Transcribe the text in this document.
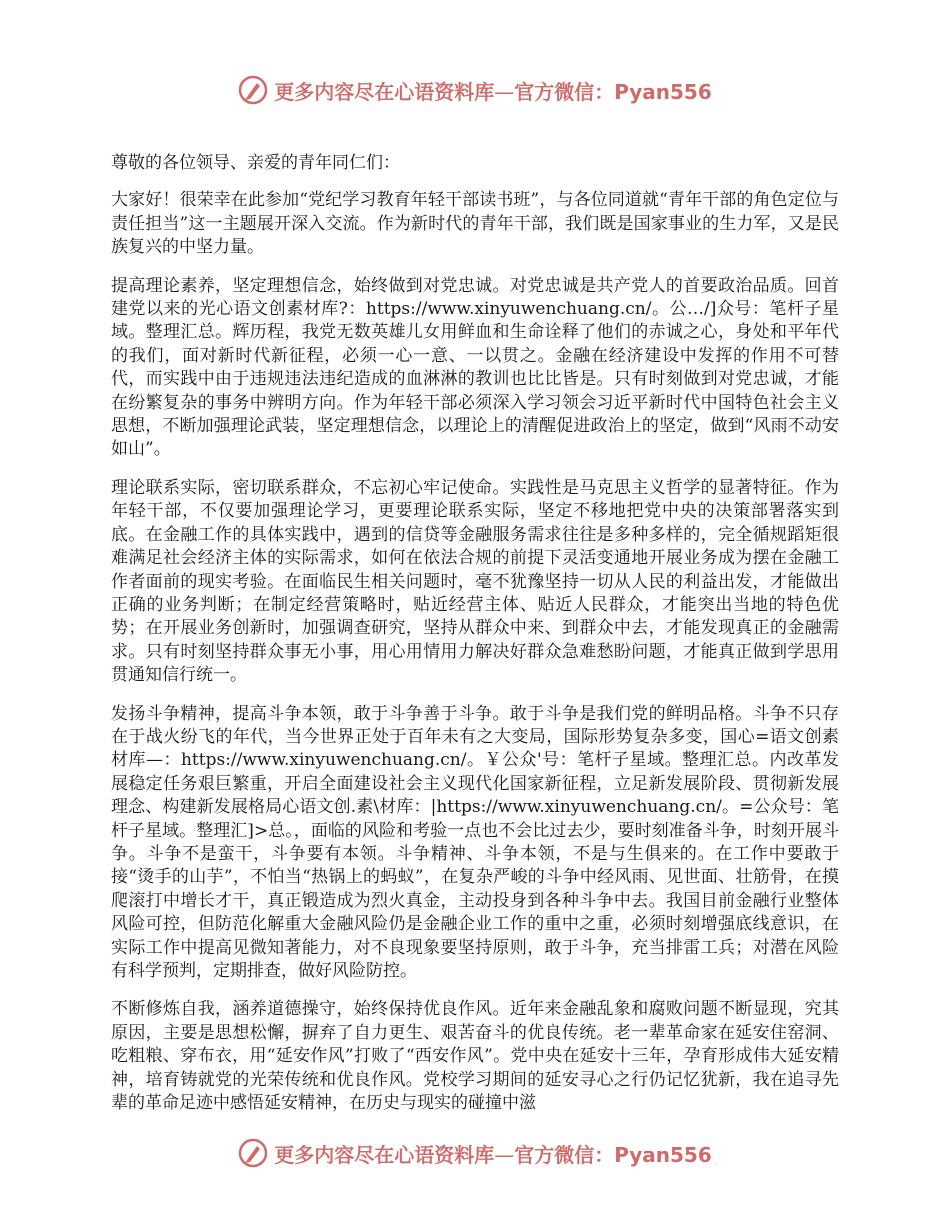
更多内容尽在心语资料库—官方微信：Pyan556

尊敬的各位领导、亲爱的青年同仁们：

大家好！很荣幸在此参加“党纪学习教育年轻干部读书班”，与各位同道就“青年干部的角色定位与责任担当”这一主题展开深入交流。作为新时代的青年干部，我们既是国家事业的生力军，又是民族复兴的中坚力量。

提高理论素养，坚定理想信念，始终做到对党忠诚。对党忠诚是共产党人的首要政治品质。回首建党以来的光心语文创素材库?：https://www.xinyuwenchuang.cn/。公…/]众号：笔杆子星域。整理汇总。辉历程，我党无数英雄儿女用鲜血和生命诠释了他们的赤诚之心，身处和平年代的我们，面对新时代新征程，必须一心一意、一以贯之。金融在经济建设中发挥的作用不可替代，而实践中由于违规违法违纪造成的血淋淋的教训也比比皆是。只有时刻做到对党忠诚，才能在纷繁复杂的事务中辨明方向。作为年轻干部必须深入学习领会习近平新时代中国特色社会主义思想，不断加强理论武装，坚定理想信念，以理论上的清醒促进政治上的坚定，做到“风雨不动安如山”。

理论联系实际，密切联系群众，不忘初心牢记使命。实践性是马克思主义哲学的显著特征。作为年轻干部，不仅要加强理论学习，更要理论联系实际，坚定不移地把党中央的决策部署落实到底。在金融工作的具体实践中，遇到的信贷等金融服务需求往往是多种多样的，完全循规蹈矩很难满足社会经济主体的实际需求，如何在依法合规的前提下灵活变通地开展业务成为摆在金融工作者面前的现实考验。在面临民生相关问题时，毫不犹豫坚持一切从人民的利益出发，才能做出正确的业务判断；在制定经营策略时，贴近经营主体、贴近人民群众，才能突出当地的特色优势；在开展业务创新时，加强调查研究，坚持从群众中来、到群众中去，才能发现真正的金融需求。只有时刻坚持群众事无小事，用心用情用力解决好群众急难愁盼问题，才能真正做到学思用贯通知信行统一。

发扬斗争精神，提高斗争本领，敢于斗争善于斗争。敢于斗争是我们党的鲜明品格。斗争不只存在于战火纷飞的年代，当今世界正处于百年未有之大变局，国际形势复杂多变，国心=语文创素材库—：https://www.xinyuwenchuang.cn/。￥公众'号：笔杆子星域。整理汇总。内改革发展稳定任务艰巨繁重，开启全面建设社会主义现代化国家新征程，立足新发展阶段、贯彻新发展理念、构建新发展格局心语文创.素\材库：|https://www.xinyuwenchuang.cn/。=公众号：笔杆子星域。整理汇]>总。，面临的风险和考验一点也不会比过去少，要时刻准备斗争，时刻开展斗争。斗争不是蛮干，斗争要有本领。斗争精神、斗争本领，不是与生俱来的。在工作中要敢于接“烫手的山芋”，不怕当“热锅上的蚂蚁”，在复杂严峻的斗争中经风雨、见世面、壮筋骨，在摸爬滚打中增长才干，真正锻造成为烈火真金，主动投身到各种斗争中去。我国目前金融行业整体风险可控，但防范化解重大金融风险仍是金融企业工作的重中之重，必须时刻增强底线意识，在实际工作中提高见微知著能力，对不良现象要坚持原则，敢于斗争，充当排雷工兵；对潜在风险有科学预判，定期排查，做好风险防控。

不断修炼自我，涵养道德操守，始终保持优良作风。近年来金融乱象和腐败问题不断显现，究其原因，主要是思想松懈，摒弃了自力更生、艰苦奋斗的优良传统。老一辈革命家在延安住窑洞、吃粗粮、穿布衣，用“延安作风”打败了“西安作风”。党中央在延安十三年，孕育形成伟大延安精神，培育铸就党的光荣传统和优良作风。党校学习期间的延安寻心之行仍记忆犹新，我在追寻先辈的革命足迹中感悟延安精神，在历史与现实的碰撞中滋

更多内容尽在心语资料库—官方微信：Pyan556
